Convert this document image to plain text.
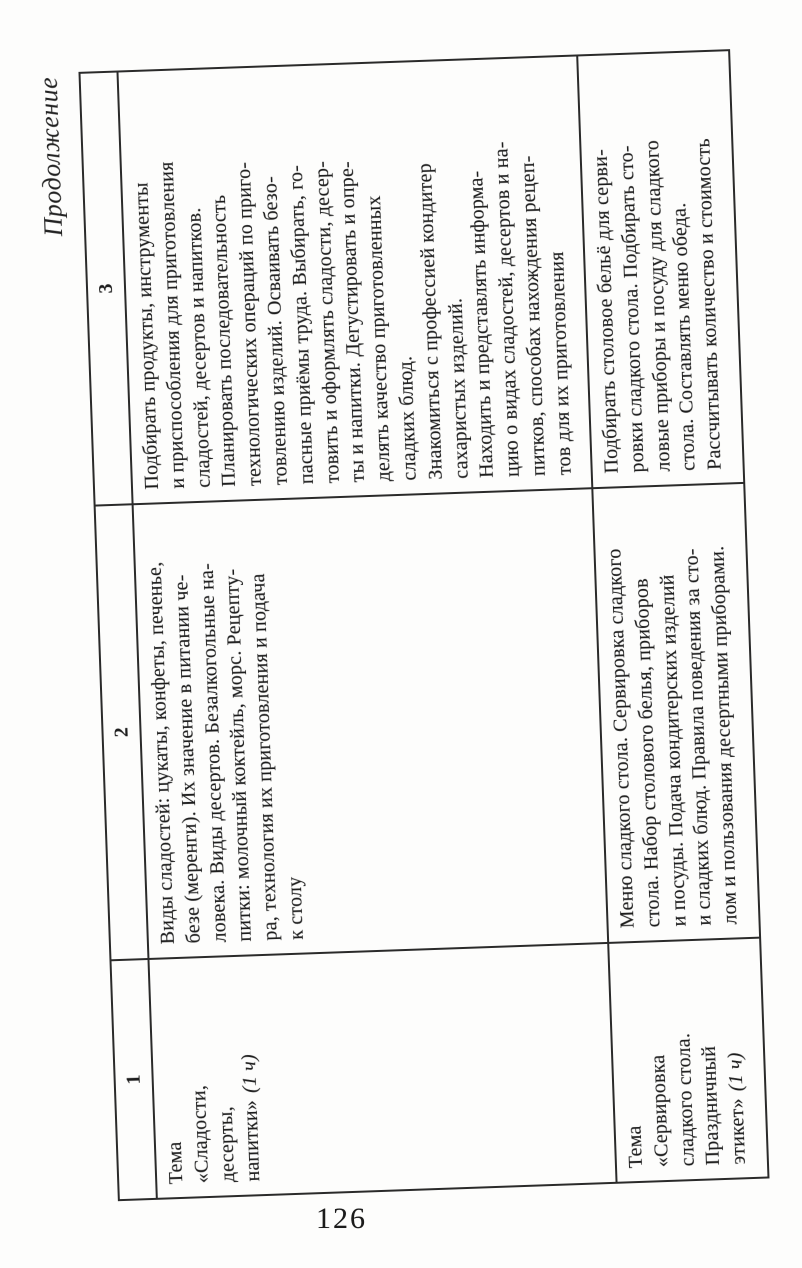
Продолжение
1
2
3
Тема
«Сладости,
десерты, напитки»(1 ч)
Виды сладостей: цукаты, конфеты, печенье,
безе (меренги). Их значение в питании че-
ловека. Виды десертов. Безалкогольные на-
питки: молочный коктейль, морс. Рецепту-
ра, технология их приготовления и подача
к столу
Подбирать продукты, инструменты
и приспособления для приготовления
сладостей, десертов и напитков.
Планировать последовательность
технологических операций по приго-
товлению изделий. Осваивать безо-
пасные приёмы труда. Выбирать, го-
товить и оформлять сладости, десер-
ты и напитки. Дегустировать и опре-
делять качество приготовленных
сладких блюд.
Знакомиться с профессией кондитер
сахаристых изделий.
Находить и представлять информа-
цию о видах сладостей, десертов и на-
питков, способах нахождения рецеп-
тов для их приготовления
Тема
«Сервировка
сладкого стола.
Праздничный этикет»(1 ч)
Меню сладкого стола. Сервировка сладкого
стола. Набор столового белья, приборов
и посуды. Подача кондитерских изделий
и сладких блюд. Правила поведения за сто-
лом и пользования десертными приборами.
Подбирать столовое бельё для серви-
ровки сладкого стола. Подбирать сто-
ловые приборы и посуду для сладкого
стола. Составлять меню обеда.
Рассчитывать количество и стоимость
126
